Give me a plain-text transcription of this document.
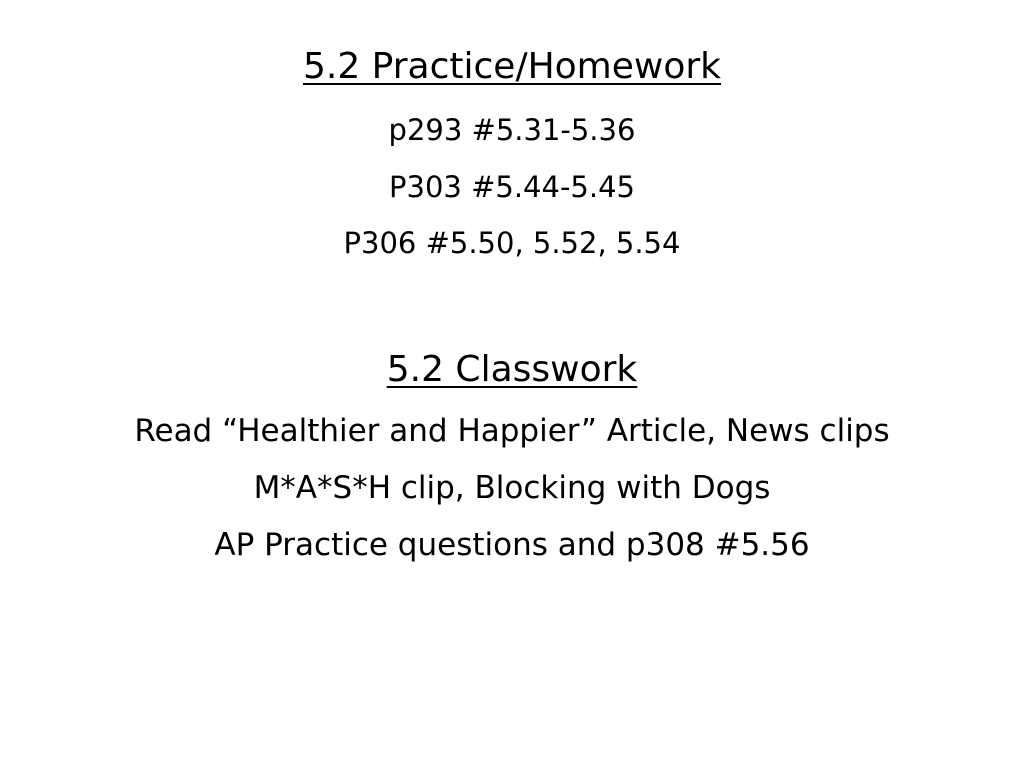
5.2 Practice/Homework
p293 #5.31-5.36
P303 #5.44-5.45
P306 #5.50, 5.52, 5.54
5.2 Classwork
Read “Healthier and Happier” Article, News clips
M*A*S*H clip, Blocking with Dogs
AP Practice questions and p308 #5.56
